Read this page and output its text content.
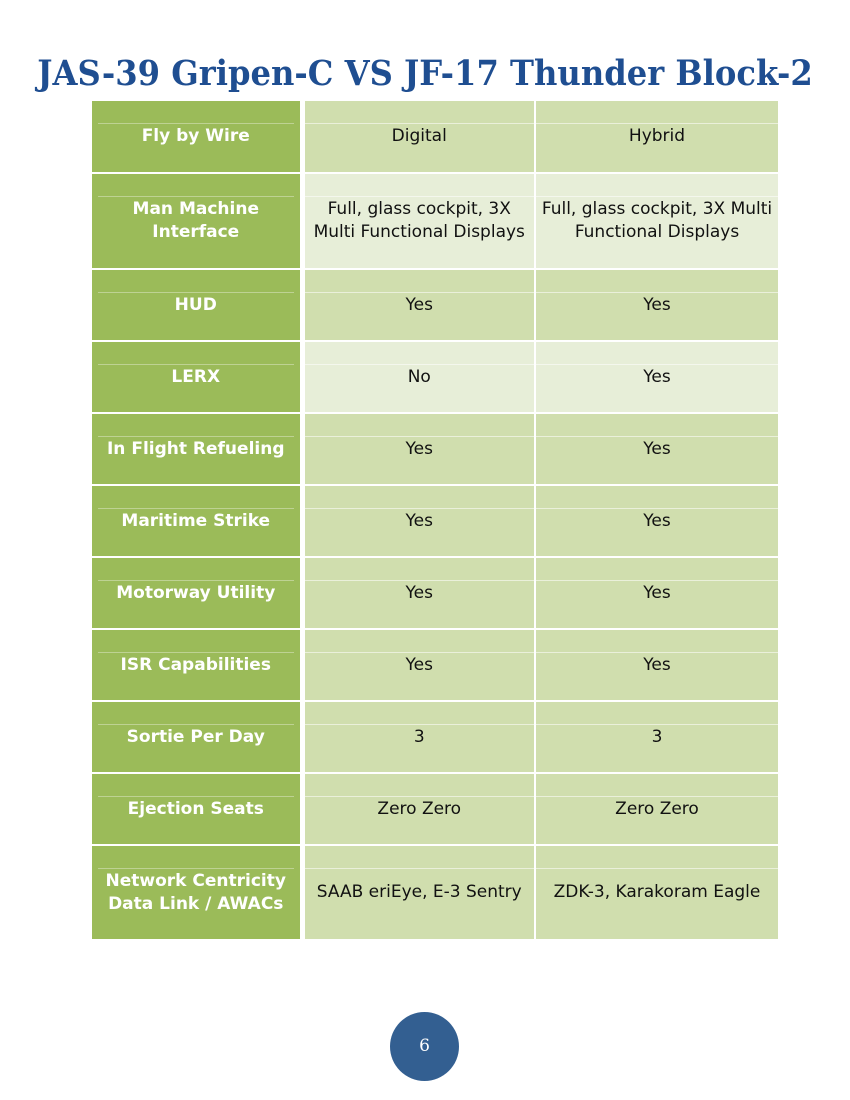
JAS-39 Gripen-C VS JF-17 Thunder Block-2
Fly by Wire	Digital	Hybrid
Man Machine Interface	Full, glass cockpit, 3X Multi Functional Displays	Full, glass cockpit, 3X Multi Functional Displays
HUD	Yes	Yes
LERX	No	Yes
In Flight Refueling	Yes	Yes
Maritime Strike	Yes	Yes
Motorway Utility	Yes	Yes
ISR Capabilities	Yes	Yes
Sortie Per Day	3	3
Ejection Seats	Zero Zero	Zero Zero
Network Centricity Data Link / AWACs	SAAB eriEye, E-3 Sentry	ZDK-3, Karakoram Eagle
6
